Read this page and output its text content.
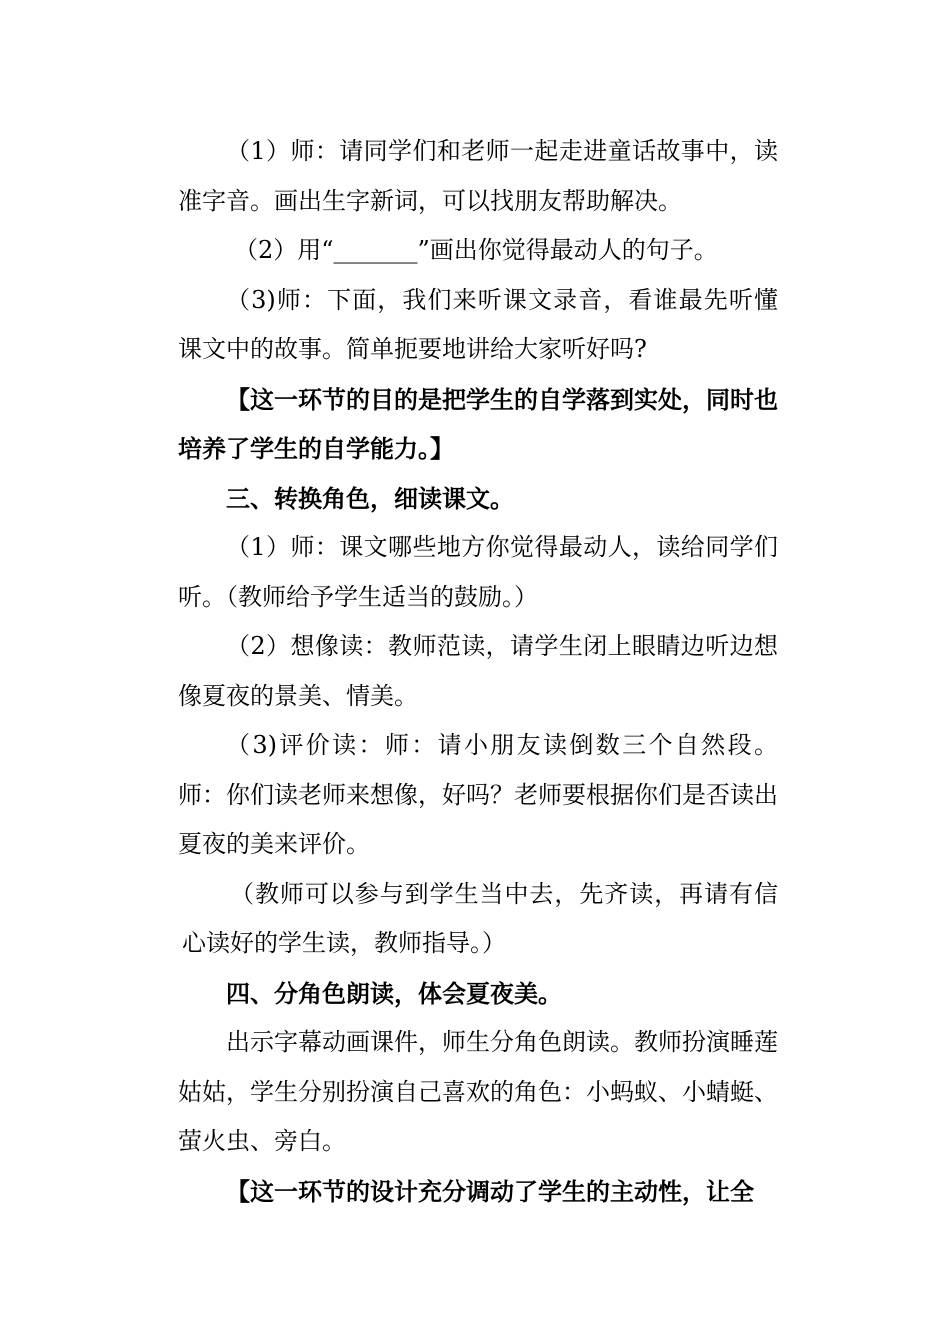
（1）师：请同学们和老师一起走进童话故事中，读准字音。画出生字新词，可以找朋友帮助解决。

（2）用“_______”画出你觉得最动人的句子。

（3)师：下面，我们来听课文录音，看谁最先听懂课文中的故事。简单扼要地讲给大家听好吗?

【这一环节的目的是把学生的自学落到实处，同时也培养了学生的自学能力。】

三、转换角色，细读课文。

（1）师：课文哪些地方你觉得最动人，读给同学们听。（教师给予学生适当的鼓励。）

（2）想像读：教师范读，请学生闭上眼睛边听边想像夏夜的景美、情美。

（3)评价读：师：请小朋友读倒数三个自然段。师：你们读老师来想像，好吗？老师要根据你们是否读出夏夜的美来评价。

（教师可以参与到学生当中去，先齐读，再请有信心读好的学生读，教师指导。）

四、分角色朗读，体会夏夜美。

出示字幕动画课件，师生分角色朗读。教师扮演睡莲姑姑，学生分别扮演自己喜欢的角色：小蚂蚁、小蜻蜓、萤火虫、旁白。

【这一环节的设计充分调动了学生的主动性，让全
